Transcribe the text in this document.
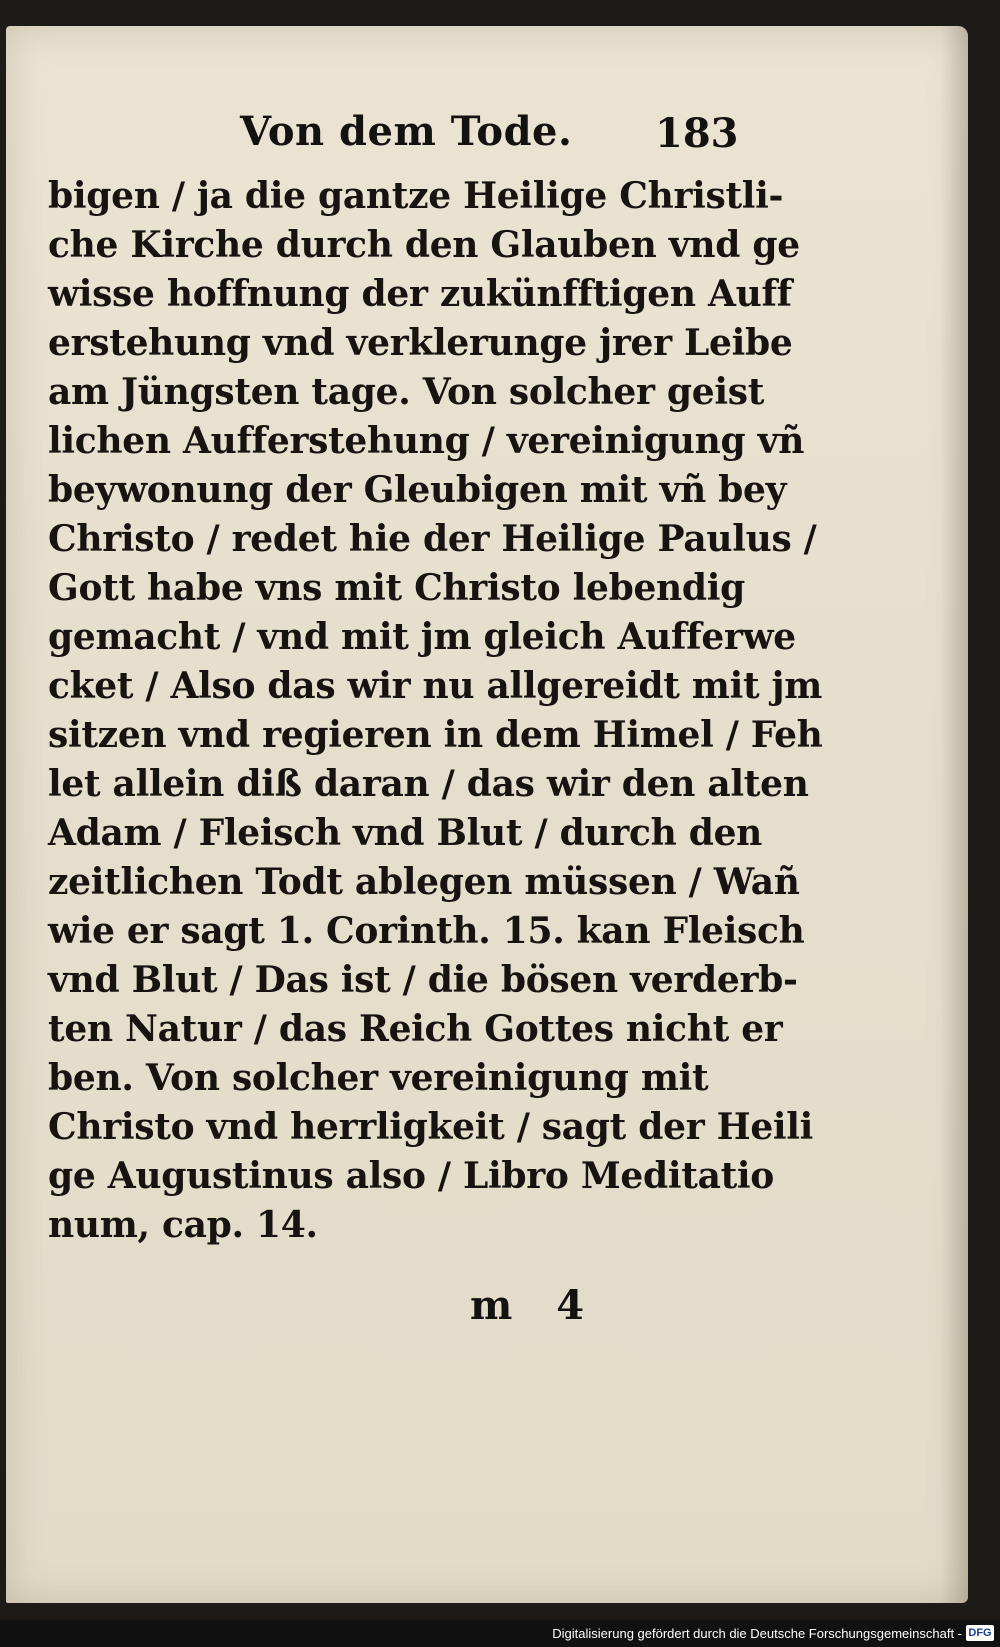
Von dem Tode. 183
bigen / ja die gantze Heilige Christli-
che Kirche durch den Glauben vnd ge
wisse hoffnung der zukünfftigen Auff
erstehung vnd verklerunge jrer Leibe
am Jüngsten tage. Von solcher geist
lichen Aufferstehung / vereinigung vñ
beywonung der Gleubigen mit vñ bey
Christo / redet hie der Heilige Paulus /
Gott habe vns mit Christo lebendig
gemacht / vnd mit jm gleich Aufferwe
cket / Also das wir nu allgereidt mit jm
sitzen vnd regieren in dem Himel / Feh
let allein diß daran / das wir den alten
Adam / Fleisch vnd Blut / durch den
zeitlichen Todt ablegen müssen / Wañ
wie er sagt 1. Corinth. 15. kan Fleisch
vnd Blut / Das ist / die bösen verderb-
ten Natur / das Reich Gottes nicht er
ben. Von solcher vereinigung mit
Christo vnd herrligkeit / sagt der Heili
ge Augustinus also / Libro Meditatio
num, cap. 14.
m 4
Digitalisierung gefördert durch die Deutsche Forschungsgemeinschaft - DFG
